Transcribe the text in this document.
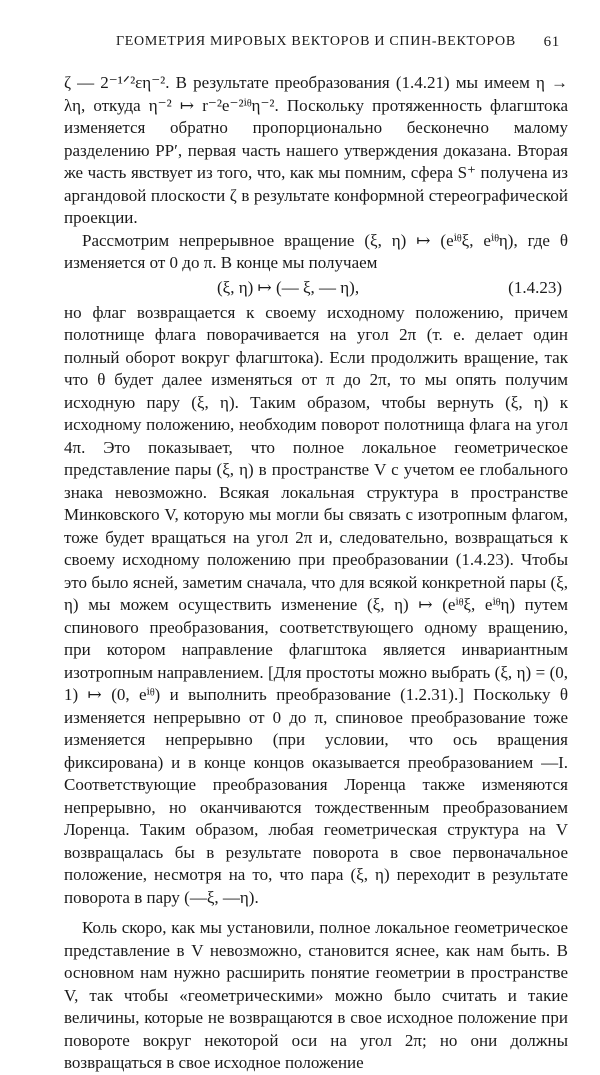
ГЕОМЕТРИЯ МИРОВЫХ ВЕКТОРОВ И СПИН-ВЕКТОРОВ 61

ζ — 2⁻¹ᐟ²εη⁻². В результате преобразования (1.4.21) мы имеем η → λη, откуда η⁻² ↦ r⁻²e⁻²ⁱᶿη⁻². Поскольку протяженность флагштока изменяется обратно пропорционально бесконечно малому разделению PP′, первая часть нашего утверждения доказана. Вторая же часть явствует из того, что, как мы помним, сфера S⁺ получена из аргандовой плоскости ζ в результате конформной стереографической проекции.

Рассмотрим непрерывное вращение (ξ, η) ↦ (eⁱᶿξ, eⁱᶿη), где θ изменяется от 0 до π. В конце мы получаем

(ξ, η) ↦ (— ξ, — η),	(1.4.23)

но флаг возвращается к своему исходному положению, причем полотнище флага поворачивается на угол 2π (т. е. делает один полный оборот вокруг флагштока). Если продолжить вращение, так что θ будет далее изменяться от π до 2π, то мы опять получим исходную пару (ξ, η). Таким образом, чтобы вернуть (ξ, η) к исходному положению, необходим поворот полотнища флага на угол 4π. Это показывает, что полное локальное геометрическое представление пары (ξ, η) в пространстве V с учетом ее глобального знака невозможно. Всякая локальная структура в пространстве Минковского V, которую мы могли бы связать с изотропным флагом, тоже будет вращаться на угол 2π и, следовательно, возвращаться к своему исходному положению при преобразовании (1.4.23). Чтобы это было ясней, заметим сначала, что для всякой конкретной пары (ξ, η) мы можем осуществить изменение (ξ, η) ↦ (eⁱᶿξ, eⁱᶿη) путем спинового преобразования, соответствующего одному вращению, при котором направление флагштока является инвариантным изотропным направлением. [Для простоты можно выбрать (ξ, η) = (0, 1) ↦ (0, eⁱᶿ) и выполнить преобразование (1.2.31).] Поскольку θ изменяется непрерывно от 0 до π, спиновое преобразование тоже изменяется непрерывно (при условии, что ось вращения фиксирована) и в конце концов оказывается преобразованием —I. Соответствующие преобразования Лоренца также изменяются непрерывно, но оканчиваются тождественным преобразованием Лоренца. Таким образом, любая геометрическая структура на V возвращалась бы в результате поворота в свое первоначальное положение, несмотря на то, что пара (ξ, η) переходит в результате поворота в пару (—ξ, —η).

Коль скоро, как мы установили, полное локальное геометрическое представление в V невозможно, становится яснее, как нам быть. В основном нам нужно расширить понятие геометрии в пространстве V, так чтобы «геометрическими» можно было считать и такие величины, которые не возвращаются в свое исходное положение при повороте вокруг некоторой оси на угол 2π; но они должны возвращаться в свое исходное положение
